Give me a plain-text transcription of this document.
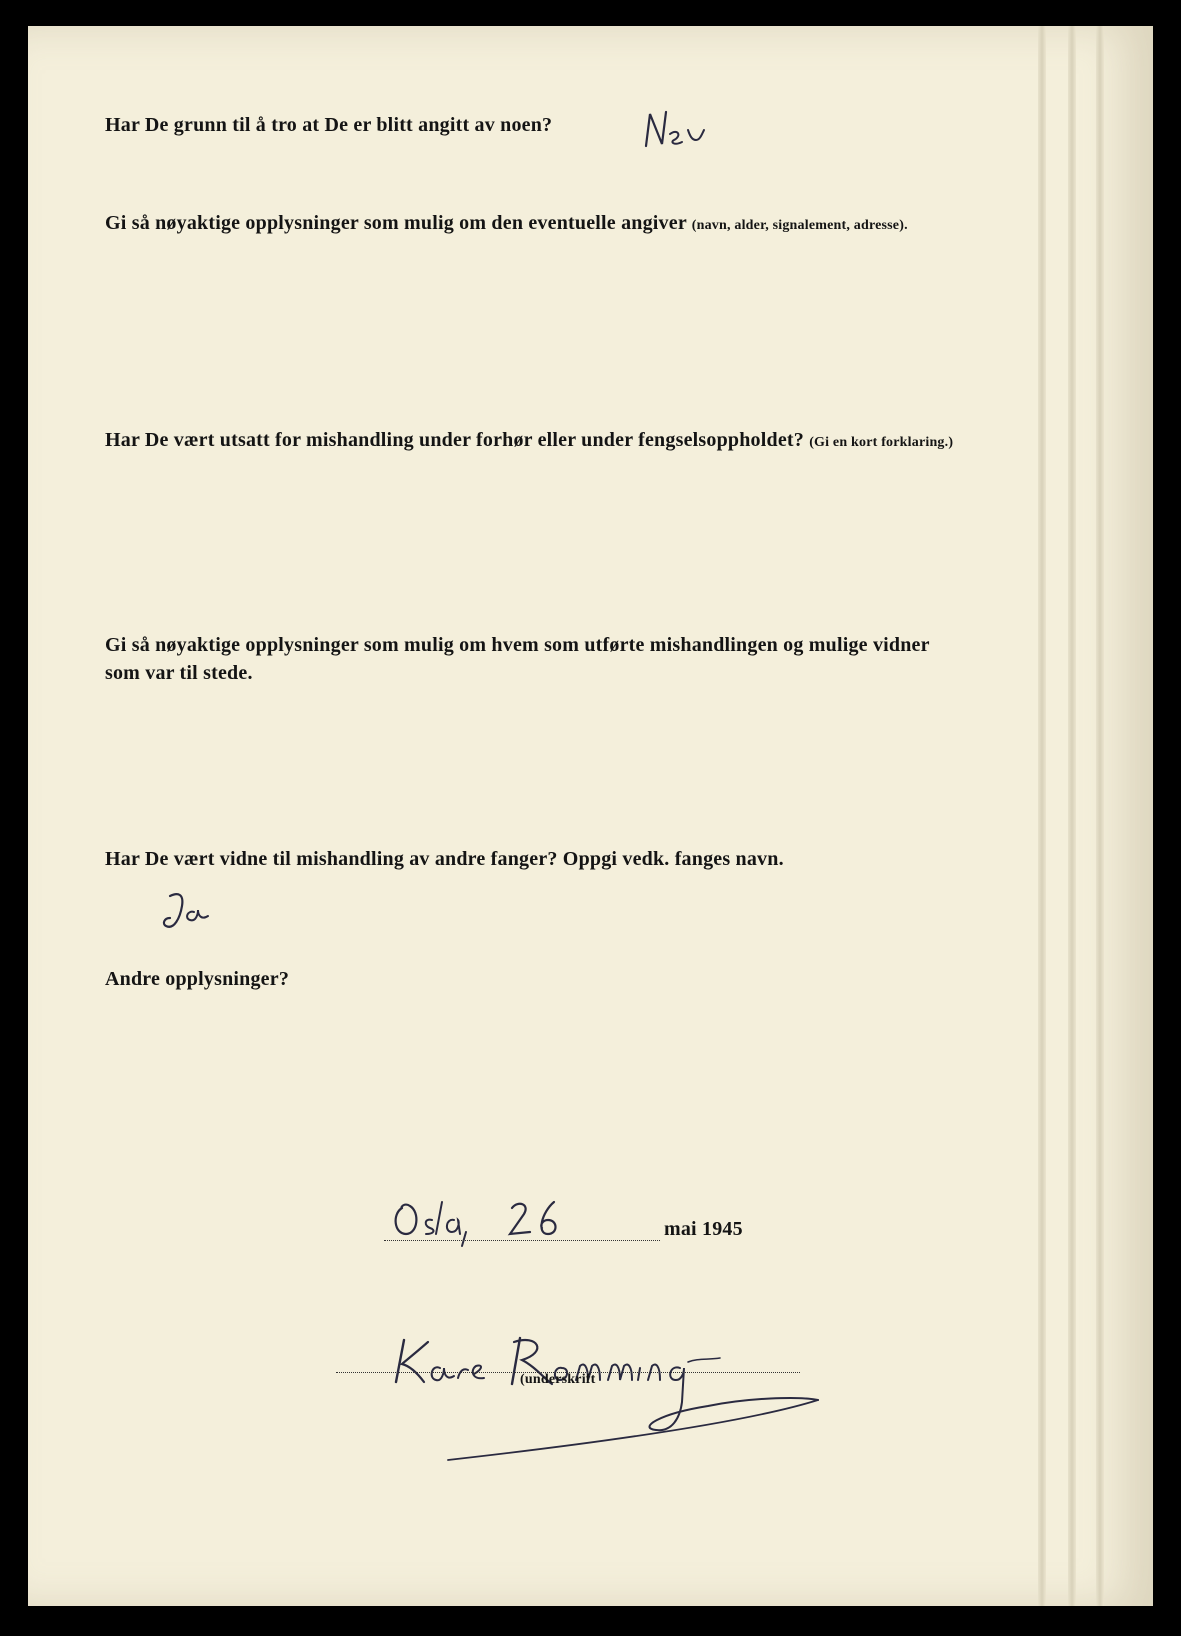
Har De grunn til å tro at De er blitt angitt av noen?
Gi så nøyaktige opplysninger som mulig om den eventuelle angiver (navn, alder, signalement, adresse).
Har De vært utsatt for mishandling under forhør eller under fengselsoppholdet? (Gi en kort forklaring.)
Gi så nøyaktige opplysninger som mulig om hvem som utførte mishandlingen og mulige vidner
som var til stede.
Har De vært vidne til mishandling av andre fanger? Oppgi vedk. fanges navn.
Andre opplysninger?
mai 1945
(underskrift
